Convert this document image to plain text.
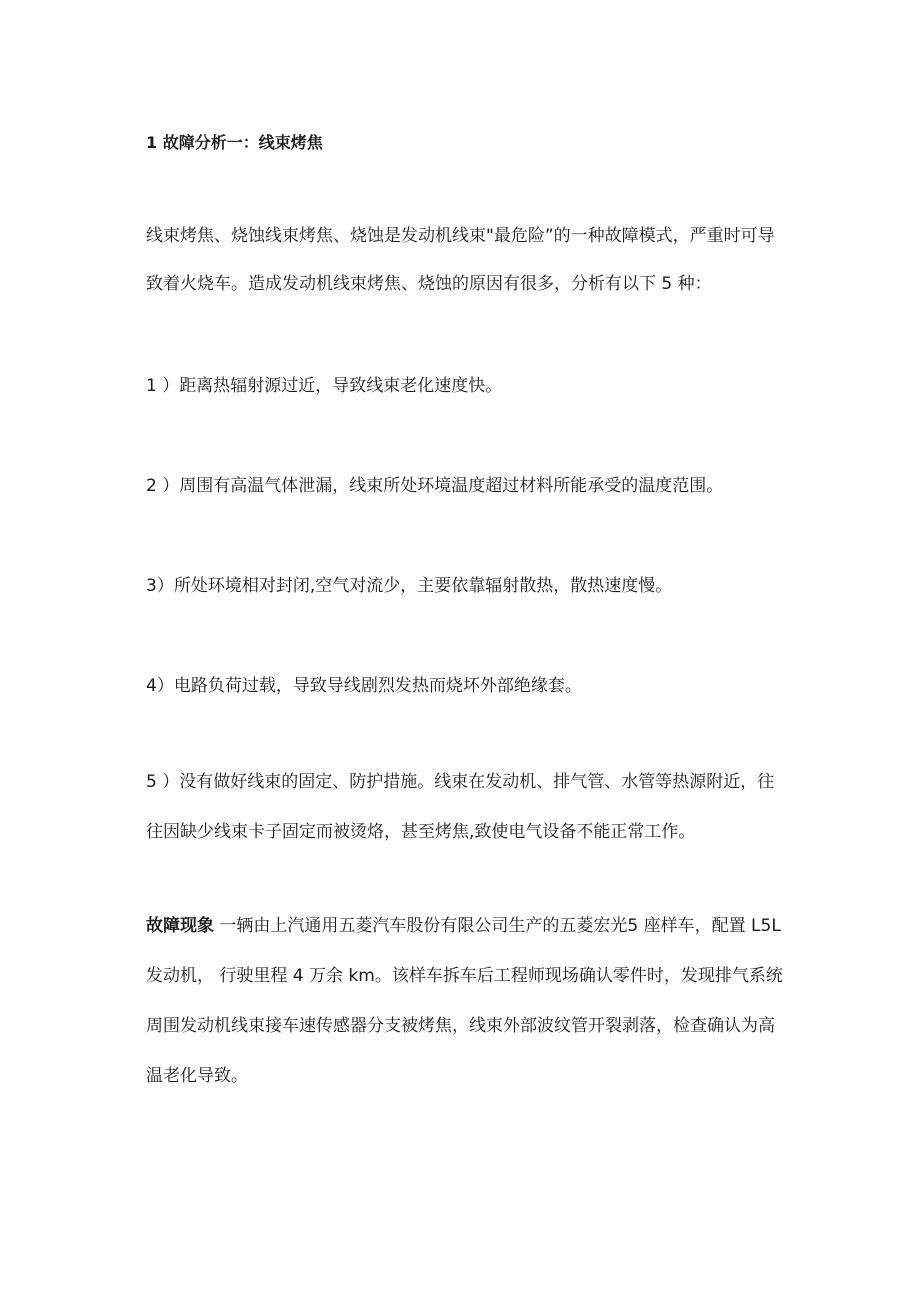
1 故障分析一：线束烤焦
线束烤焦、烧蚀线束烤焦、烧蚀是发动机线束"最危险”的一种故障模式，严重时可导
致着火烧车。造成发动机线束烤焦、烧蚀的原因有很多，分析有以下 5 种：
1 ）距离热辐射源过近，导致线束老化速度快。
2 ）周围有高温气体泄漏，线束所处环境温度超过材料所能承受的温度范围。
3）所处环境相对封闭,空气对流少，主要依靠辐射散热，散热速度慢。
4）电路负荷过载，导致导线剧烈发热而烧坏外部绝缘套。
5 ）没有做好线束的固定、防护措施。线束在发动机、排气管、水管等热源附近，往
往因缺少线束卡子固定而被烫烙，甚至烤焦,致使电气设备不能正常工作。
故障现象 一辆由上汽通用五菱汽车股份有限公司生产的五菱宏光5 座样车，配置 L5L
发动机， 行驶里程 4 万余 km。该样车拆车后工程师现场确认零件时，发现排气系统
周围发动机线束接车速传感器分支被烤焦，线束外部波纹管开裂剥落，检查确认为高
温老化导致。
